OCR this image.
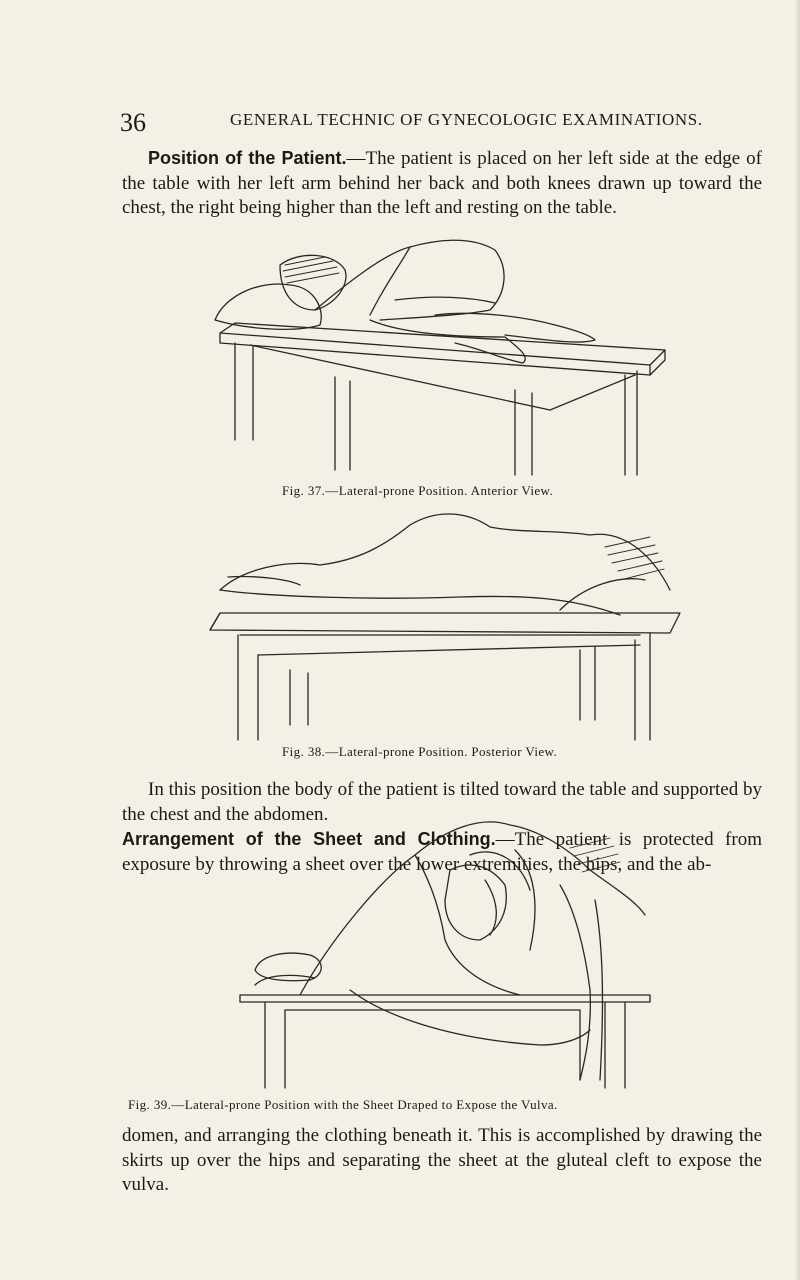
36	GENERAL TECHNIC OF GYNECOLOGIC EXAMINATIONS.

Position of the Patient.—The patient is placed on her left side at the edge of the table with her left arm behind her back and both knees drawn up toward the chest, the right being higher than the left and resting on the table.

Fig. 37.—Lateral-prone Position. Anterior View.
Fig. 38.—Lateral-prone Position. Posterior View.

In this position the body of the patient is tilted toward the table and supported by the chest and the abdomen.
Arrangement of the Sheet and Clothing.—The patient is protected from exposure by throwing a sheet over the lower extremities, the hips, and the ab-

Fig. 39.—Lateral-prone Position with the Sheet Draped to Expose the Vulva.

domen, and arranging the clothing beneath it. This is accomplished by drawing the skirts up over the hips and separating the sheet at the gluteal cleft to expose the vulva.
